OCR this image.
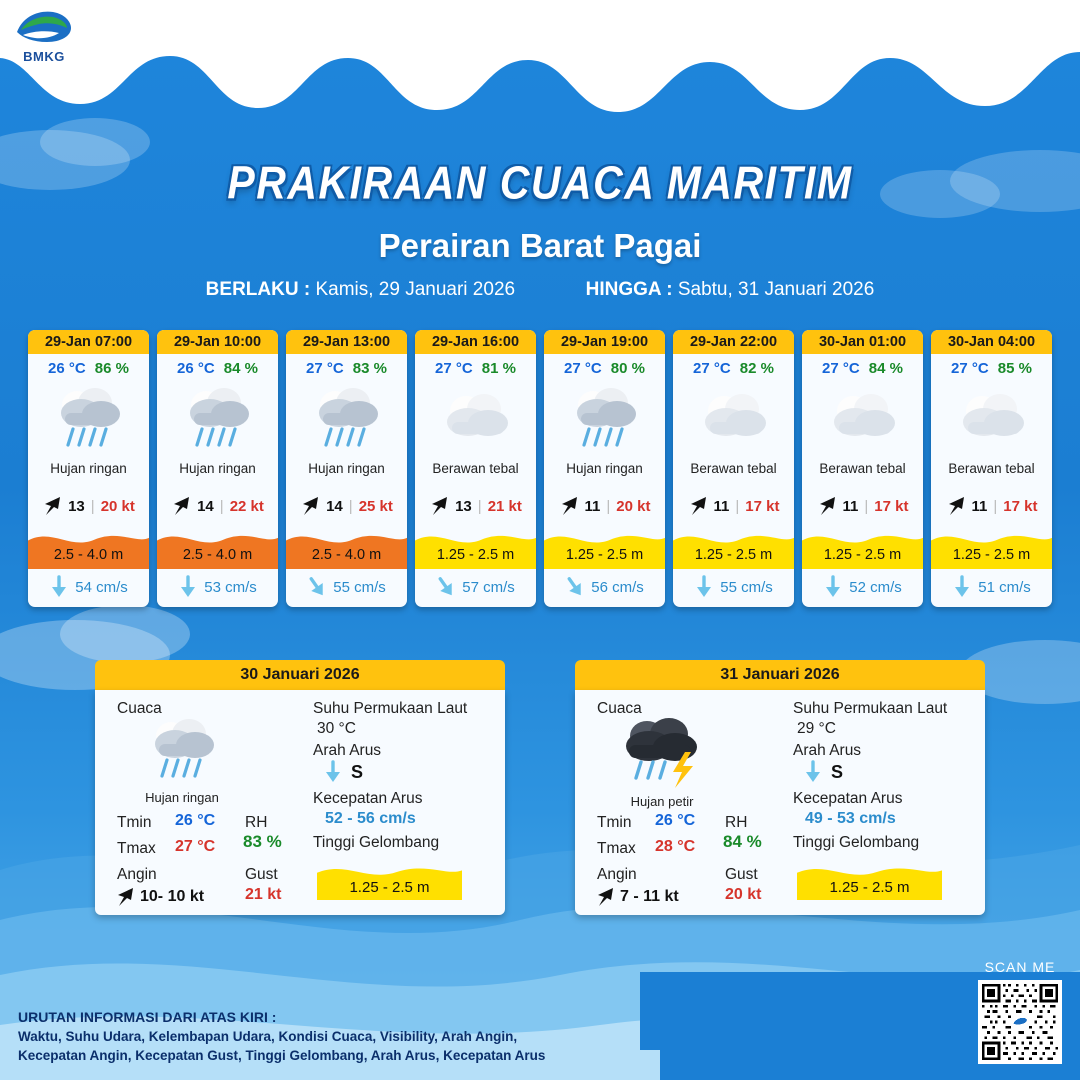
BMKG
BADAN METEOROLOGI KLIMATOLOGI DAN GEOFISIKA
STASIUN METEOROLOGI MARITIM TELUK BAYUR - PADANG
PRAKIRAAN CUACA MARITIM
Perairan Barat Pagai
BERLAKU : Kamis, 29 Januari 2026	HINGGA : Sabtu, 31 Januari 2026
29-Jan 07:00
26 °C 86 %
Hujan ringan
13 | 20 kt
2.5 - 4.0 m
54 cm/s
29-Jan 10:00
26 °C 84 %
Hujan ringan
14 | 22 kt
2.5 - 4.0 m
53 cm/s
29-Jan 13:00
27 °C 83 %
Hujan ringan
14 | 25 kt
2.5 - 4.0 m
55 cm/s
29-Jan 16:00
27 °C 81 %
Berawan tebal
13 | 21 kt
1.25 - 2.5 m
57 cm/s
29-Jan 19:00
27 °C 80 %
Hujan ringan
11 | 20 kt
1.25 - 2.5 m
56 cm/s
29-Jan 22:00
27 °C 82 %
Berawan tebal
11 | 17 kt
1.25 - 2.5 m
55 cm/s
30-Jan 01:00
27 °C 84 %
Berawan tebal
11 | 17 kt
1.25 - 2.5 m
52 cm/s
30-Jan 04:00
27 °C 85 %
Berawan tebal
11 | 17 kt
1.25 - 2.5 m
51 cm/s
30 Januari 2026
Cuaca
Hujan ringan
Tmin 26 °C RH
83 %
Tmax 27 °C
Angin	Gust
10- 10 kt	21 kt
Suhu Permukaan Laut
30 °C
Arah Arus
S
Kecepatan Arus
52 - 56 cm/s
Tinggi Gelombang
1.25 - 2.5 m
31 Januari 2026
Cuaca
Hujan petir
Tmin 26 °C RH
84 %
Tmax 28 °C
Angin	Gust
7 - 11 kt	20 kt
Suhu Permukaan Laut
29 °C
Arah Arus
S
Kecepatan Arus
49 - 53 cm/s
Tinggi Gelombang
1.25 - 2.5 m
URUTAN INFORMASI DARI ATAS KIRI :
Waktu, Suhu Udara, Kelembapan Udara, Kondisi Cuaca, Visibility, Arah Angin,
Kecepatan Angin, Kecepatan Gust, Tinggi Gelombang, Arah Arus, Kecepatan Arus
SCAN ME
